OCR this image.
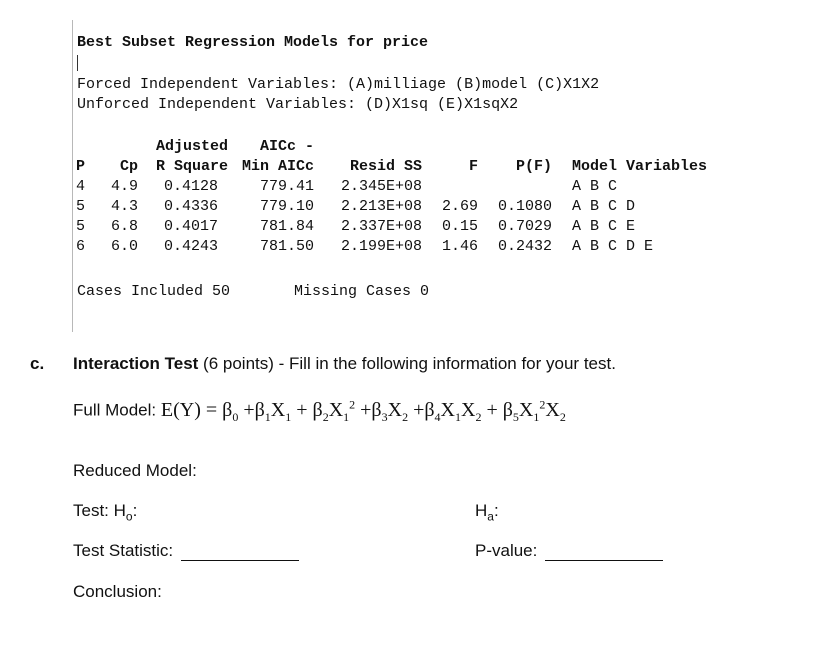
Best Subset Regression Models for price
Forced Independent Variables: (A)milliage (B)model (C)X1X2
Unforced Independent Variables: (D)X1sq (E)X1sqX2
		Adjusted	AICc -				
P	Cp	R Square	Min AICc	Resid SS	F	P(F)	Model Variables
4	4.9	0.4128	779.41	2.345E+08			A B C
5	4.3	0.4336	779.10	2.213E+08	2.69	0.1080	A B C D
5	6.8	0.4017	781.84	2.337E+08	0.15	0.7029	A B C E
6	6.0	0.4243	781.50	2.199E+08	1.46	0.2432	A B C D E
Cases Included 50	Missing Cases 0
c. Interaction Test (6 points) - Fill in the following information for your test.
Full Model: $E(Y) = \beta_0 +\beta_1X_1 + \beta_2X_1^2 +\beta_3X_2 +\beta_4X_1X_2 + \beta_5X_1^2X_2$
Reduced Model:
Test: $H_o$:	$H_a$:
Test Statistic:	P-value:
Conclusion:
